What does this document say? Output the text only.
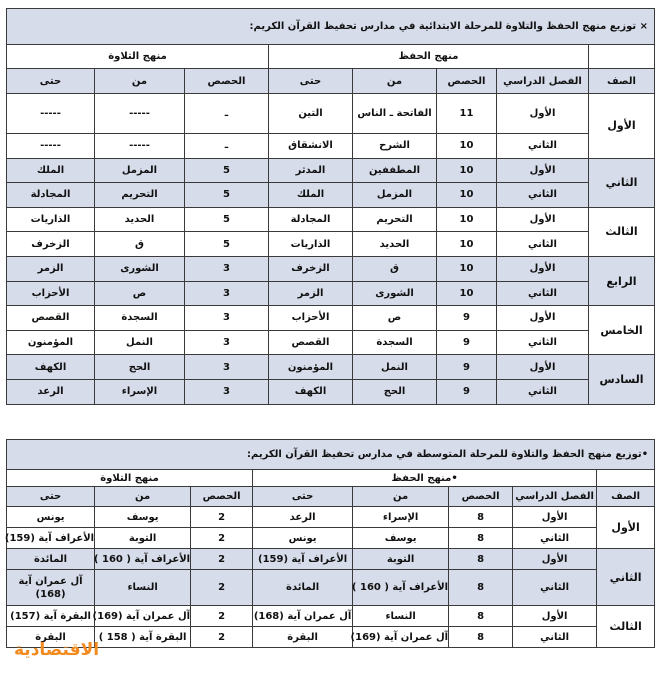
× توزيع منهج الحفظ والتلاوة للمرحلة الابتدائية في مدارس تحفيظ القرآن الكريم:							
	منهج الحفظ				منهج التلاوة		
الصف	الفصل الدراسي	الحصص	من	حتى	الحصص	من	حتى
الأول	الأول	11	الفاتحة ـ الناس	التين	ـ	-----	-----
	الثاني	10	الشرح	الانشقاق	ـ	-----	-----
الثاني	الأول	10	المطففين	المدثر	5	المزمل	الملك
	الثاني	10	المزمل	الملك	5	التحريم	المجادلة
الثالث	الأول	10	التحريم	المجادلة	5	الحديد	الذاريات
	الثاني	10	الحديد	الذاريات	5	ق	الزخرف
الرابع	الأول	10	ق	الزخرف	3	الشورى	الزمر
	الثاني	10	الشورى	الزمر	3	ص	الأحزاب
الخامس	الأول	9	ص	الأحزاب	3	السجدة	القصص
	الثاني	9	السجدة	القصص	3	النمل	المؤمنون
السادس	الأول	9	النمل	المؤمنون	3	الحج	الكهف
	الثاني	9	الحج	الكهف	3	الإسراء	الرعد
•توزيع منهج الحفظ والتلاوة للمرحلة المتوسطة في مدارس تحفيظ القرآن الكريم:							
	•منهج الحفظ				منهج التلاوة		
الصف	الفصل الدراسي	الحصص	من	حتى	الحصص	من	حتى
الأول	الأول	8	الإسراء	الرعد	2	يوسف	يونس
	الثاني	8	يوسف	يونس	2	التوبة	الأعراف آية (159)
الثاني	الأول	8	التوبة	الأعراف آية (159)	2	الأعراف آية ( 160 )	المائدة
	الثاني	8	الأعراف آية ( 160 )	المائدة	2	النساء	آل عمران آية (168)
الثالث	الأول	8	النساء	آل عمران آية (168)	2	آل عمران آية (169)	البقرة آية (157)
	الثاني	8	آل عمران آية (169)	البقرة	2	البقرة آية ( 158 )	البقرة
الاقتصادية
